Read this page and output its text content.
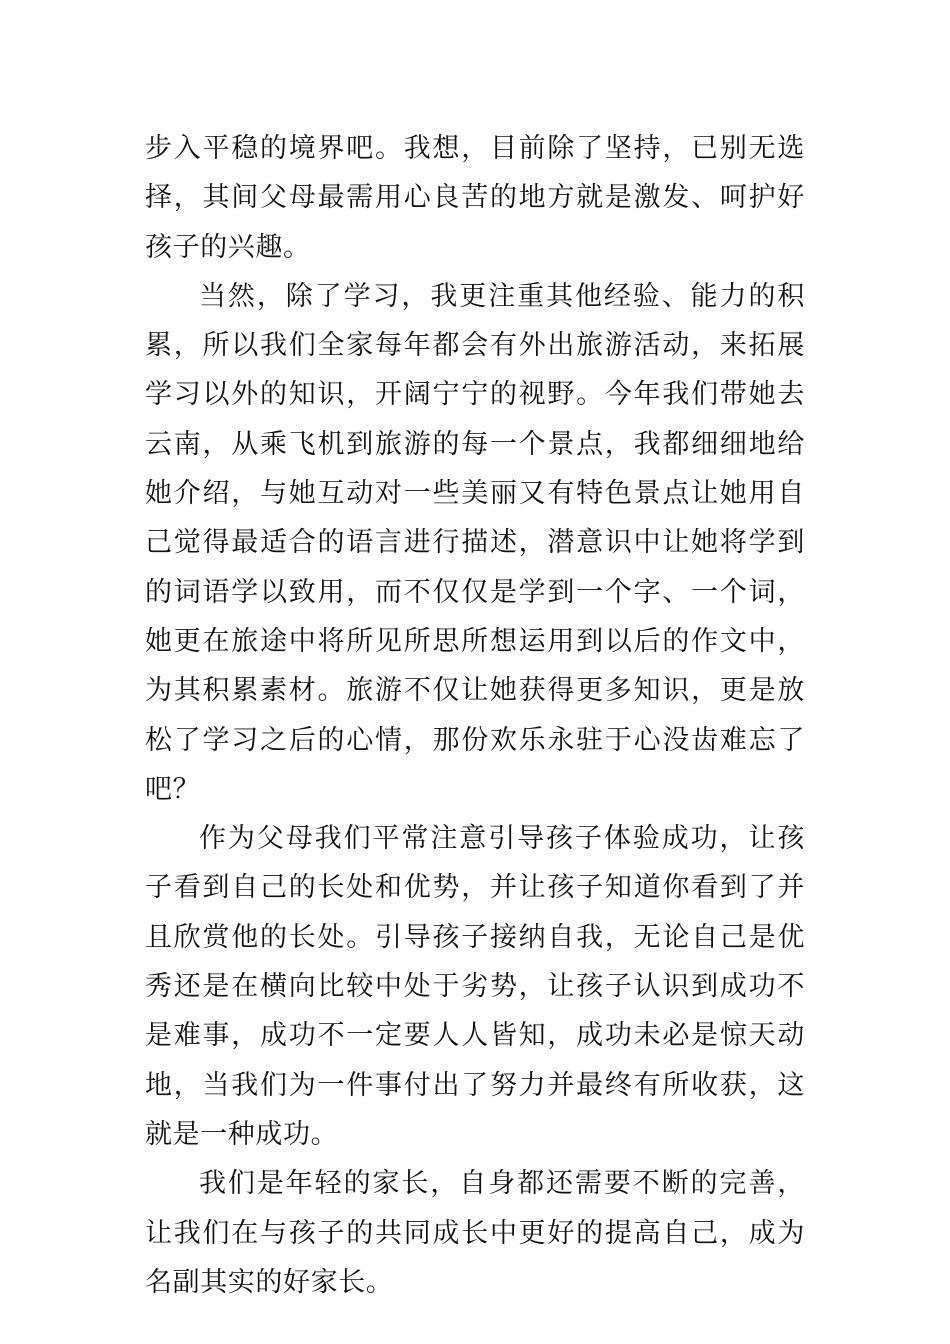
步入平稳的境界吧。我想，目前除了坚持，已别无选择，其间父母最需用心良苦的地方就是激发、呵护好孩子的兴趣。

当然，除了学习，我更注重其他经验、能力的积累，所以我们全家每年都会有外出旅游活动，来拓展学习以外的知识，开阔宁宁的视野。今年我们带她去云南，从乘飞机到旅游的每一个景点，我都细细地给她介绍，与她互动对一些美丽又有特色景点让她用自己觉得最适合的语言进行描述，潜意识中让她将学到的词语学以致用，而不仅仅是学到一个字、一个词，她更在旅途中将所见所思所想运用到以后的作文中，为其积累素材。旅游不仅让她获得更多知识，更是放松了学习之后的心情，那份欢乐永驻于心没齿难忘了吧？

作为父母我们平常注意引导孩子体验成功，让孩子看到自己的长处和优势，并让孩子知道你看到了并且欣赏他的长处。引导孩子接纳自我，无论自己是优秀还是在横向比较中处于劣势，让孩子认识到成功不是难事，成功不一定要人人皆知，成功未必是惊天动地，当我们为一件事付出了努力并最终有所收获，这就是一种成功。

我们是年轻的家长，自身都还需要不断的完善，让我们在与孩子的共同成长中更好的提高自己，成为名副其实的好家长。
